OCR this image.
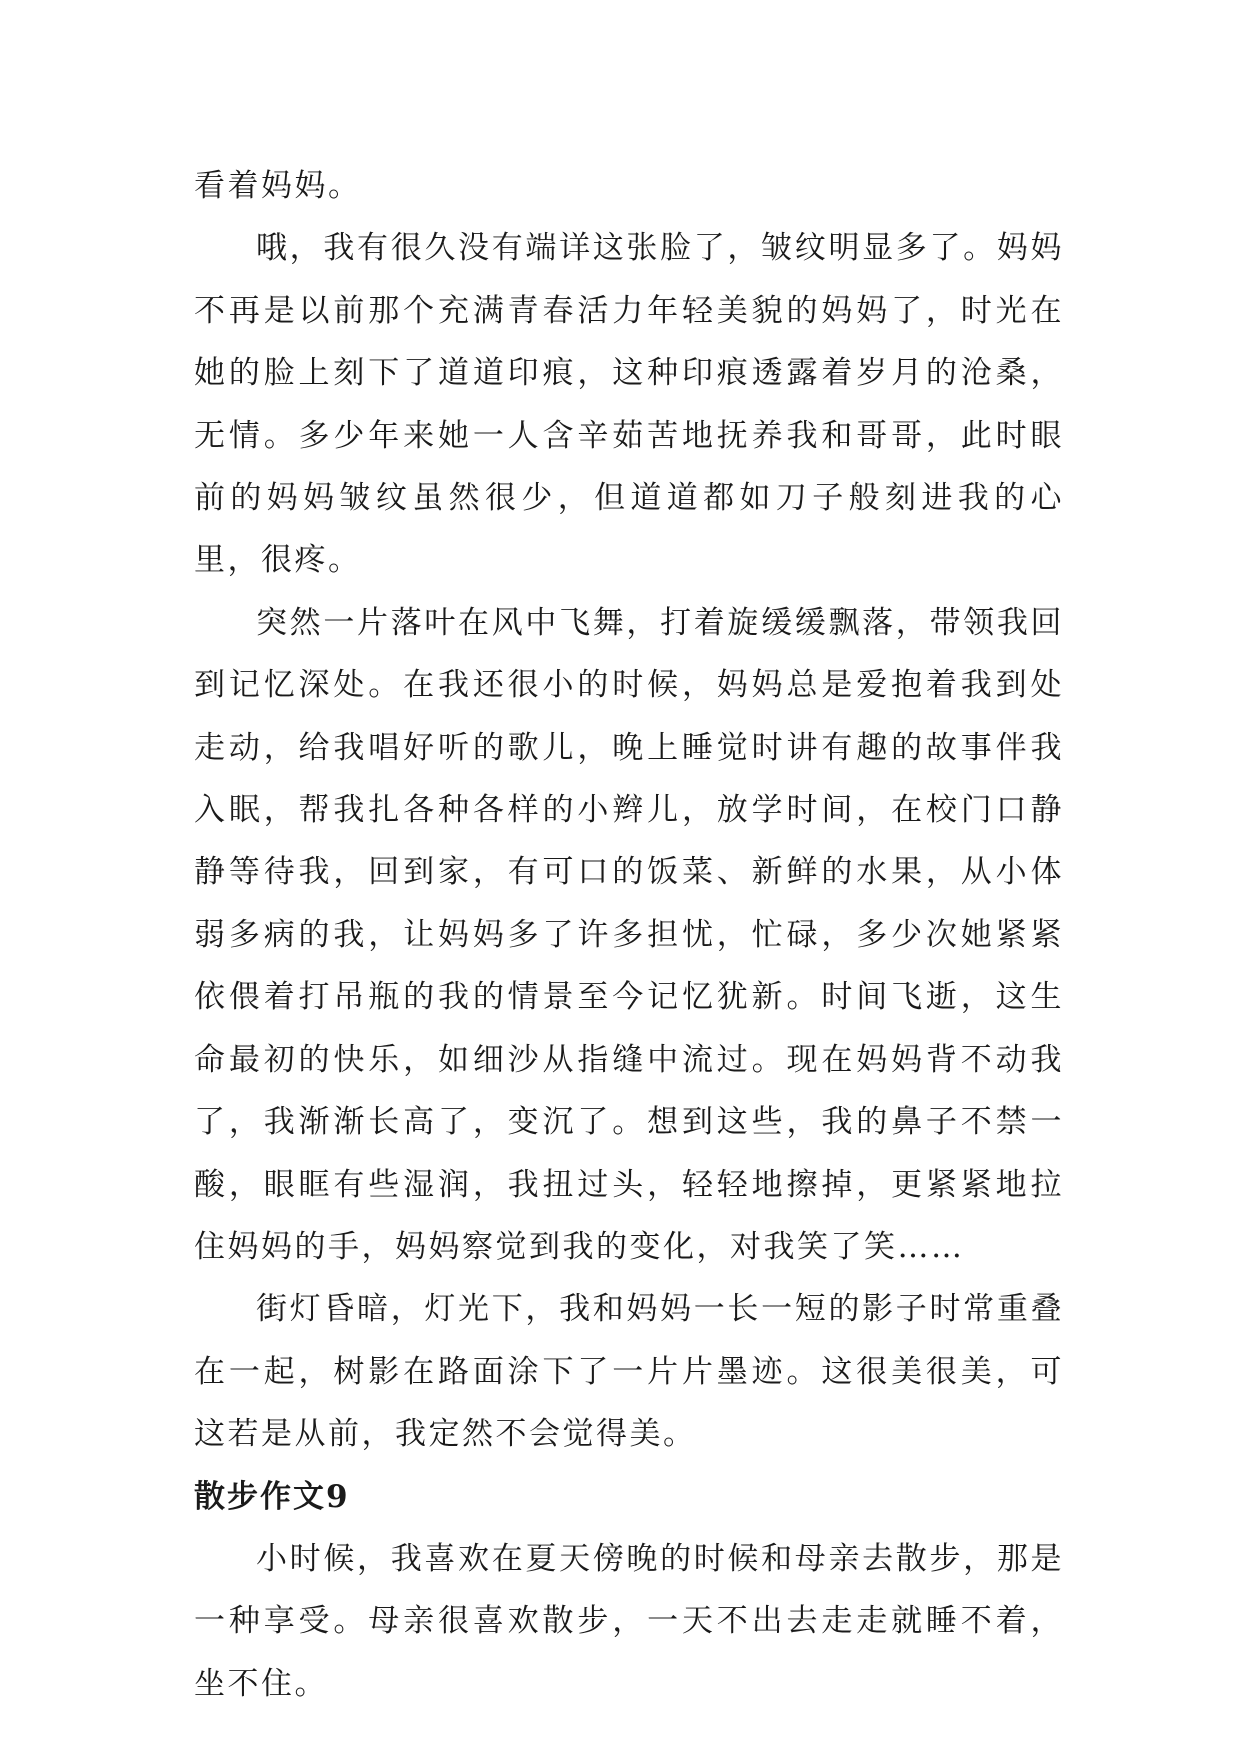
看着妈妈。

哦，我有很久没有端详这张脸了，皱纹明显多了。妈妈不再是以前那个充满青春活力年轻美貌的妈妈了，时光在她的脸上刻下了道道印痕，这种印痕透露着岁月的沧桑，无情。多少年来她一人含辛茹苦地抚养我和哥哥，此时眼前的妈妈皱纹虽然很少，但道道都如刀子般刻进我的心里，很疼。

突然一片落叶在风中飞舞，打着旋缓缓飘落，带领我回到记忆深处。在我还很小的时候，妈妈总是爱抱着我到处走动，给我唱好听的歌儿，晚上睡觉时讲有趣的故事伴我入眠，帮我扎各种各样的小辫儿，放学时间，在校门口静静等待我，回到家，有可口的饭菜、新鲜的水果，从小体弱多病的我，让妈妈多了许多担忧，忙碌，多少次她紧紧依偎着打吊瓶的我的情景至今记忆犹新。时间飞逝，这生命最初的快乐，如细沙从指缝中流过。现在妈妈背不动我了，我渐渐长高了，变沉了。想到这些，我的鼻子不禁一酸，眼眶有些湿润，我扭过头，轻轻地擦掉，更紧紧地拉住妈妈的手，妈妈察觉到我的变化，对我笑了笑……

街灯昏暗，灯光下，我和妈妈一长一短的影子时常重叠在一起，树影在路面涂下了一片片墨迹。这很美很美，可这若是从前，我定然不会觉得美。

散步作文9

小时候，我喜欢在夏天傍晚的时候和母亲去散步，那是一种享受。母亲很喜欢散步，一天不出去走走就睡不着，坐不住。
